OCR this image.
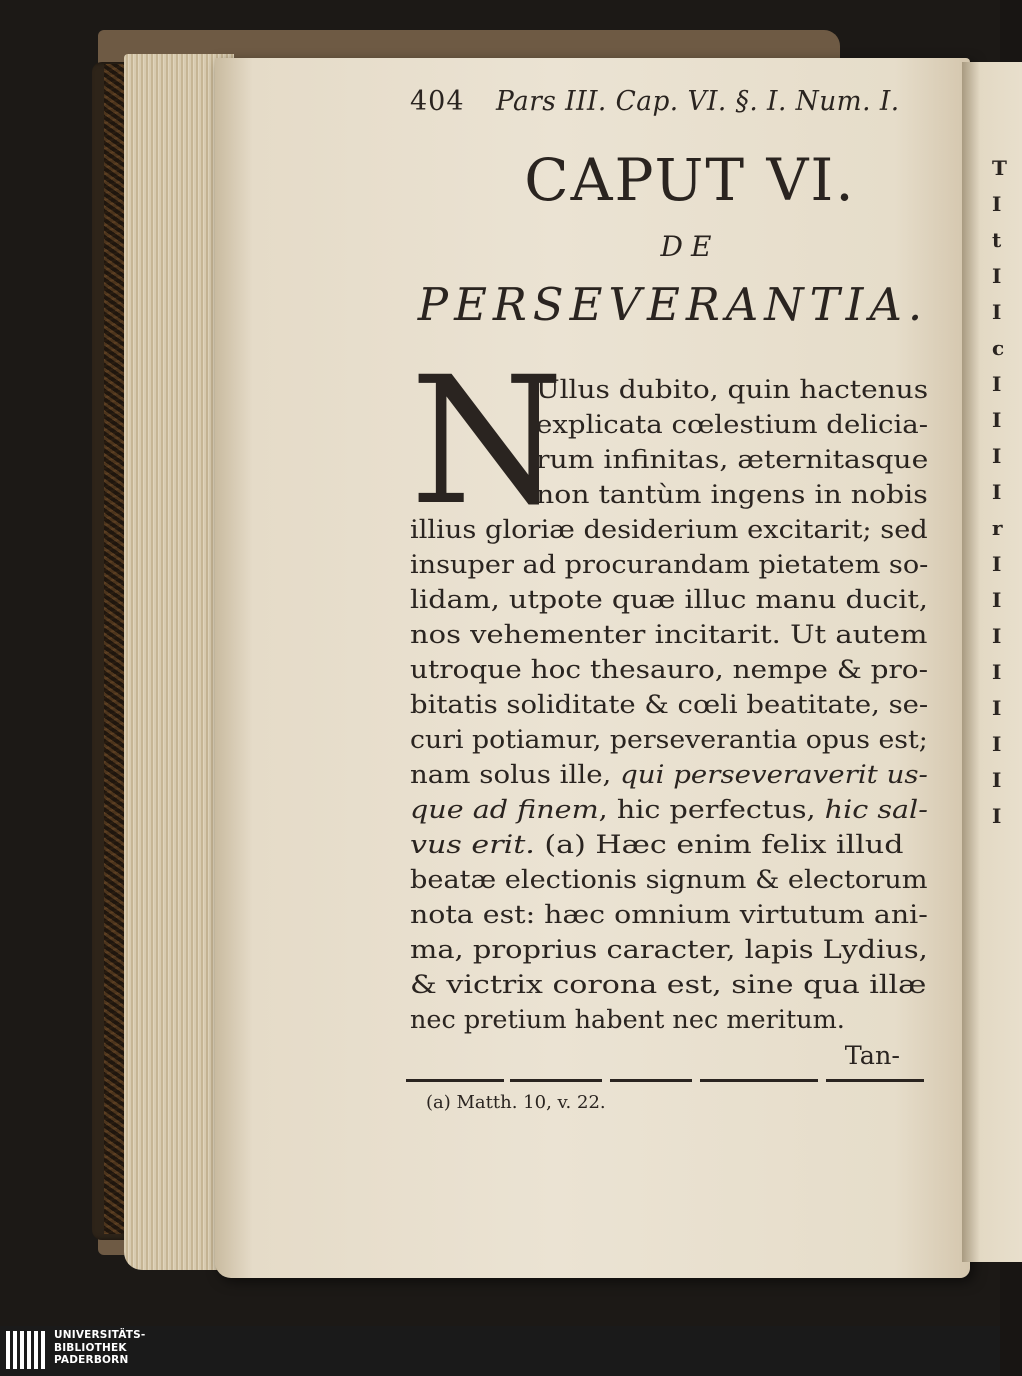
T
I
t
I
I
c
I
I
I
I
r
I
I
I
I
I
I
I
I
404 Pars III. Cap. VI. §. I. Num. I.
CAPUT VI.
DE
PERSEVERANTIA.
N
Ullus dubito, quin hactenus
explicata cœlestium delicia-
rum infinitas, æternitasque
non tantùm ingens in nobis
illius gloriæ desiderium excitarit; sed
insuper ad procurandam pietatem so-
lidam, utpote quæ illuc manu ducit,
nos vehementer incitarit. Ut autem
utroque hoc thesauro, nempe & pro-
bitatis soliditate & cœli beatitate, se-
curi potiamur, perseverantia opus est;
nam solus ille, qui perseveraverit us-
que ad finem, hic perfectus, hic sal-
vus erit. (a) Hæc enim felix illud
beatæ electionis signum & electorum
nota est: hæc omnium virtutum ani-
ma, proprius caracter, lapis Lydius,
& victrix corona est, sine qua illæ
nec pretium habent nec meritum.
Tan-
(a) Matth. 10, v. 22.
UNIVERSITÄTS-
BIBLIOTHEK
PADERBORN
